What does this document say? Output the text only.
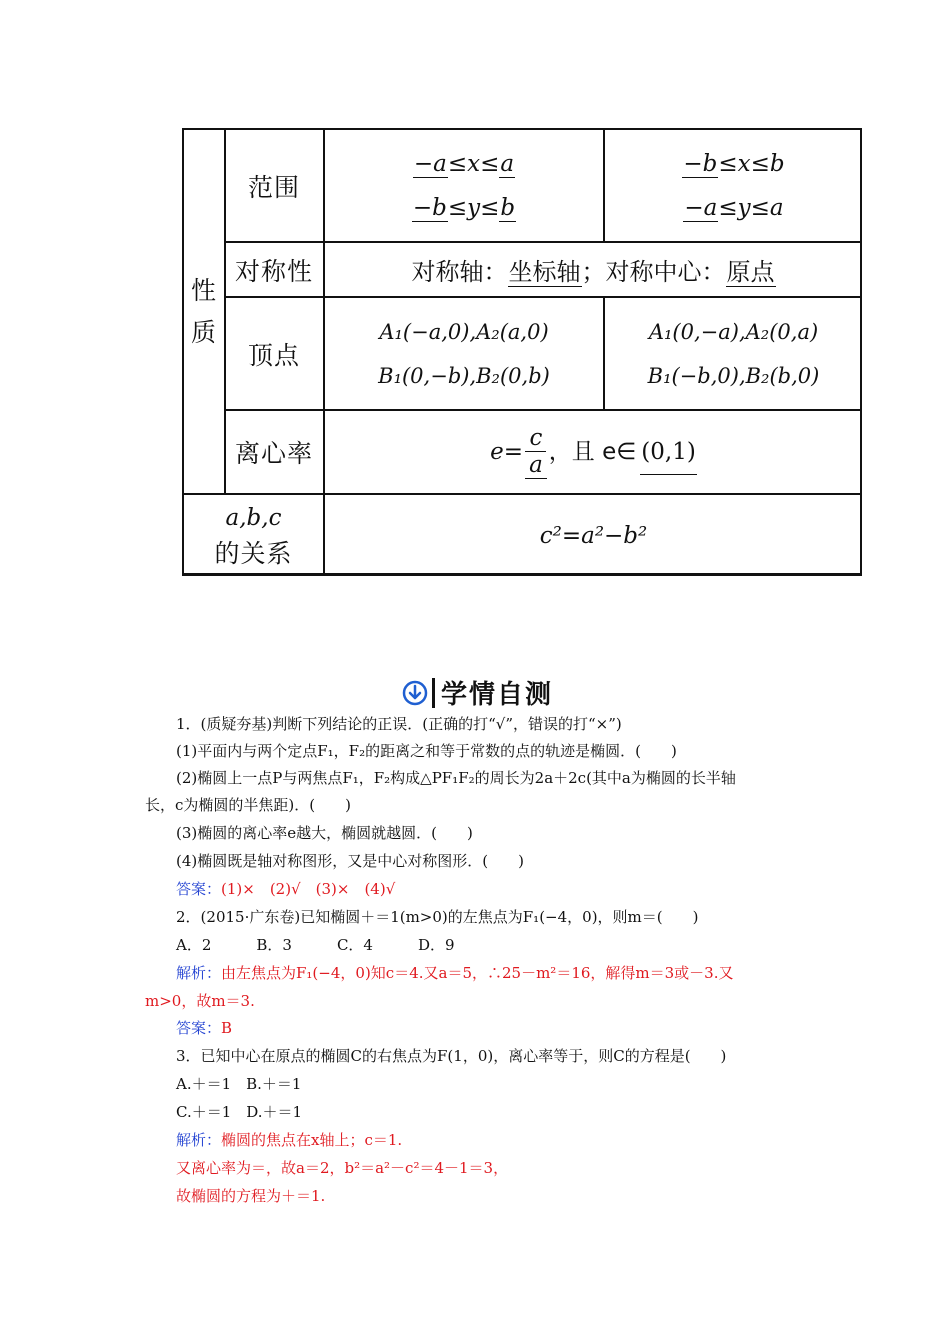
性
质
范围
−a≤x≤a
−b≤y≤b
−b≤x≤b
−a≤y≤a
对称性	对称轴：坐标轴；对称中心：原点
顶点
A₁(−a,0),A₂(a,0)
B₁(0,−b),B₂(0,b)
A₁(0,−a),A₂(0,a)
B₁(−b,0),B₂(b,0)
离心率	$e= \frac{c}{a}$ ，且 e∈ (0,1)
a,b,c
的关系
c²=a²−b²
学情自测
1．(质疑夯基)判断下列结论的正误．(正确的打“√”，错误的打“×”)
(1)平面内与两个定点F₁，F₂的距离之和等于常数的点的轨迹是椭圆．(　　)
(2)椭圆上一点P与两焦点F₁，F₂构成△PF₁F₂的周长为2a＋2c(其中a为椭圆的长半轴
长，c为椭圆的半焦距)．(　　)
(3)椭圆的离心率e越大，椭圆就越圆．(　　)
(4)椭圆既是轴对称图形，又是中心对称图形．(　　)
答案：(1)×　(2)√　(3)×　(4)√
2．(2015·广东卷)已知椭圆＋＝1(m>0)的左焦点为F₁(−4，0)，则m＝(　　)
A．2　　　B．3　　　C．4　　　D．9
解析：由左焦点为F₁(−4，0)知c＝4.又a＝5，∴25－m²＝16，解得m＝3或－3.又
m>0，故m＝3.
答案：B
3．已知中心在原点的椭圆C的右焦点为F(1，0)，离心率等于，则C的方程是(　　)
A.＋＝1　B.＋＝1
C.＋＝1　D.＋＝1
解析：椭圆的焦点在x轴上；c＝1.
又离心率为＝，故a＝2，b²＝a²－c²＝4－1＝3，
故椭圆的方程为＋＝1.
